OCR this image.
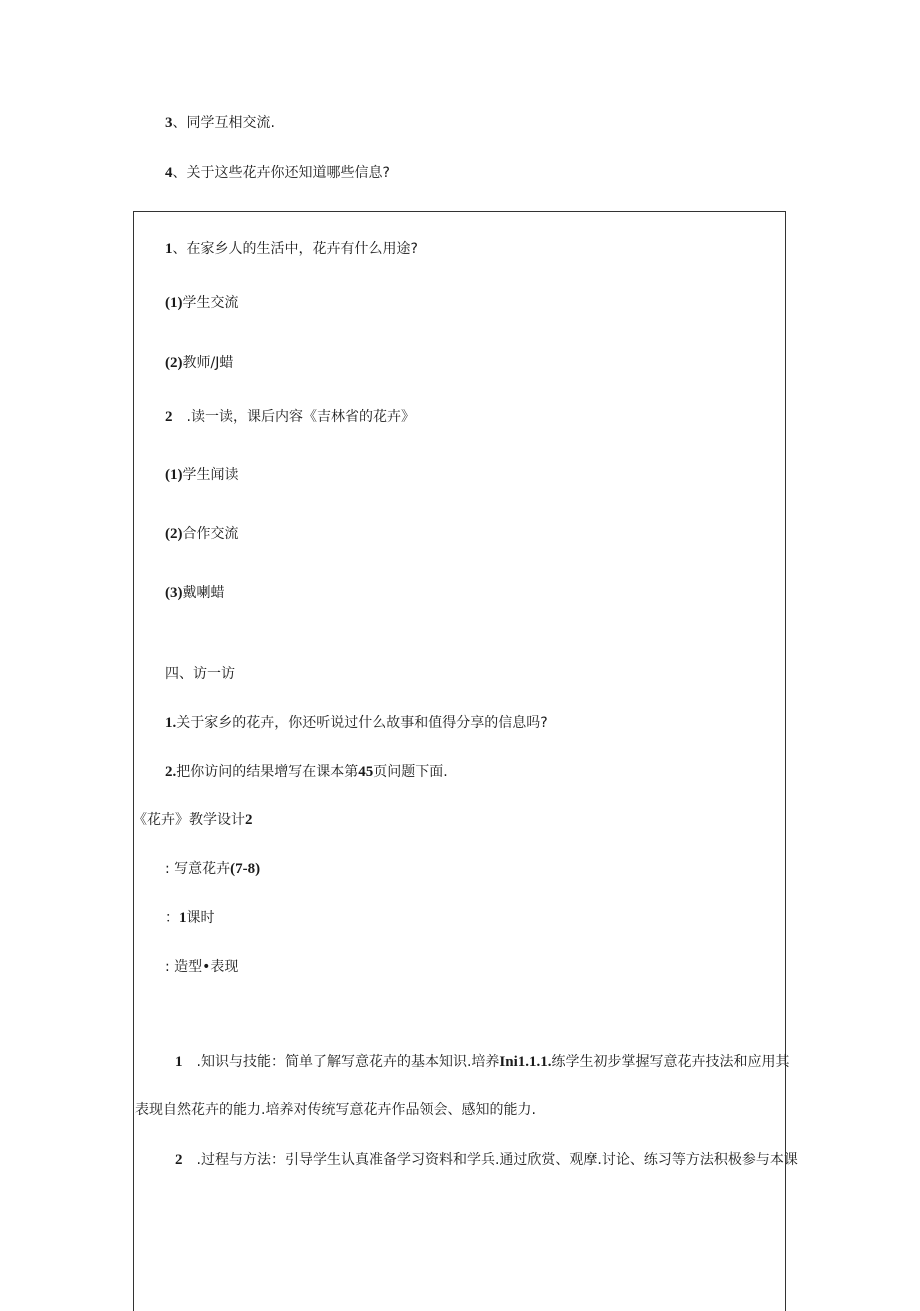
3、同学互相交流.
4、关于这些花卉你还知道哪些信息?
1、在家乡人的生活中，花卉有什么用途?
(1)学生交流
(2)教师/J蜡
2　.读一读，课后内容《吉林省的花卉》
(1)学生闻读
(2)合作交流
(3)戴喇蜡
四、访一访
1.关于家乡的花卉，你还听说过什么故事和值得分享的信息吗?
2.把你访问的结果增写在课本第45页问题下面.
《花卉》教学设计2
: 写意花卉(7-8)
：1课时
: 造型•表现
1　.知识与技能：简单了解写意花卉的基本知识.培养Ini1.1.1.练学生初步掌握写意花卉技法和应用其
表现自然花卉的能力.培养对传统写意花卉作品领会、感知的能力.
2　.过程与方法：引导学生认真准备学习资料和学兵.通过欣赏、观摩.讨论、练习等方法积极参与本课
